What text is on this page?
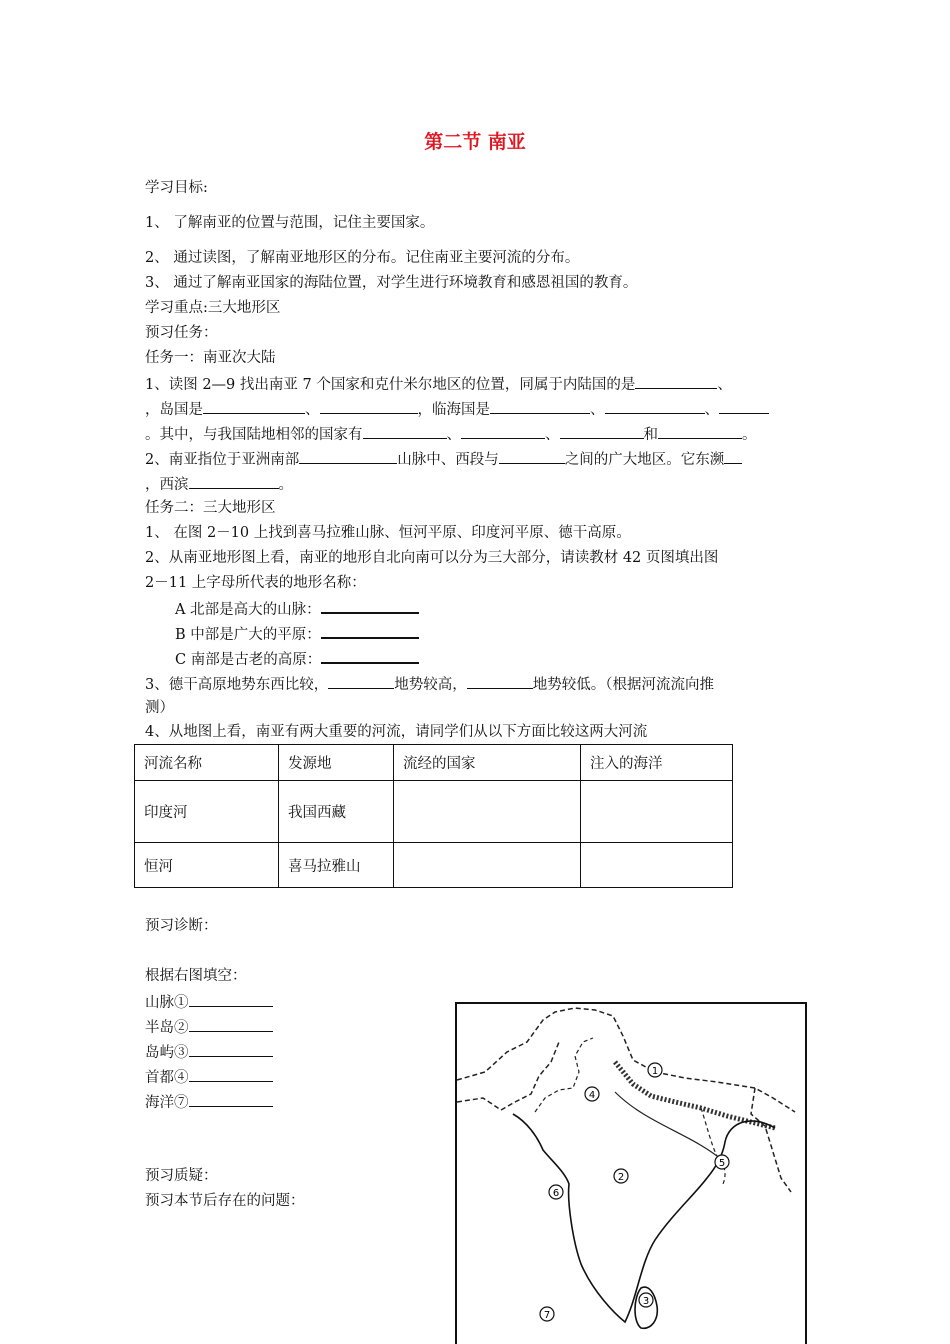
第二节 南亚
学习目标:
1、 了解南亚的位置与范围，记住主要国家。
2、 通过读图，了解南亚地形区的分布。记住南亚主要河流的分布。
3、 通过了解南亚国家的海陆位置，对学生进行环境教育和感恩祖国的教育。
学习重点:三大地形区
预习任务：
任务一：南亚次大陆
1、读图 2—9 找出南亚 7 个国家和克什米尔地区的位置，同属于内陆国的是	、
，岛国是	、	，临海国是	、	、
。其中，与我国陆地相邻的国家有	、	、	和	。
2、南亚指位于亚洲南部	山脉中、西段与	之间的广大地区。它东濒
，西滨	。
任务二：三大地形区
1、 在图 2－10 上找到喜马拉雅山脉、恒河平原、印度河平原、德干高原。
2、从南亚地形图上看，南亚的地形自北向南可以分为三大部分，请读教材 42 页图填出图
2－11 上字母所代表的地形名称：
A 北部是高大的山脉：
B 中部是广大的平原：
C 南部是古老的高原：
3、德干高原地势东西比较，	地势较高，	地势较低。（根据河流流向推
测）
4、从地图上看，南亚有两大重要的河流，请同学们从以下方面比较这两大河流
河流名称	发源地	流经的国家	注入的海洋
印度河	我国西藏		
恒河	喜马拉雅山		
预习诊断：
根据右图填空：
山脉①
半岛②
岛屿③
首都④
海洋⑦
预习质疑：
预习本节后存在的问题：
1
2
3
4
5
6
7
